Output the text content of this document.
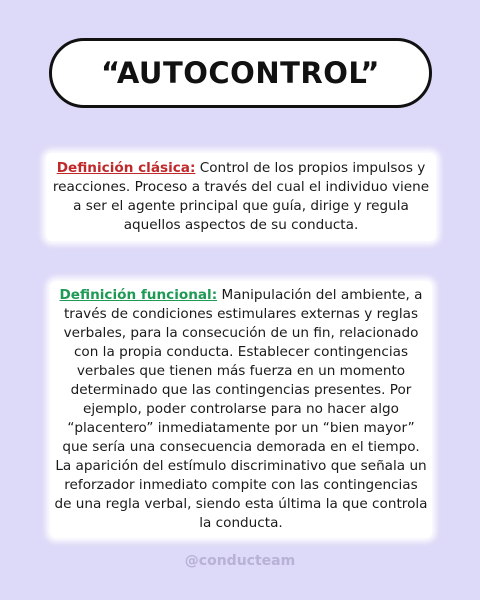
“AUTOCONTROL”
Definición clásica: Control de los propios impulsos y reacciones. Proceso a través del cual el individuo viene a ser el agente principal que guía, dirige y regula aquellos aspectos de su conducta.
Definición funcional: Manipulación del ambiente, a través de condiciones estimulares externas y reglas verbales, para la consecución de un fin, relacionado con la propia conducta. Establecer contingencias verbales que tienen más fuerza en un momento determinado que las contingencias presentes. Por ejemplo, poder controlarse para no hacer algo “placentero” inmediatamente por un “bien mayor” que sería una consecuencia demorada en el tiempo. La aparición del estímulo discriminativo que señala un reforzador inmediato compite con las contingencias de una regla verbal, siendo esta última la que controla la conducta.
@conducteam
